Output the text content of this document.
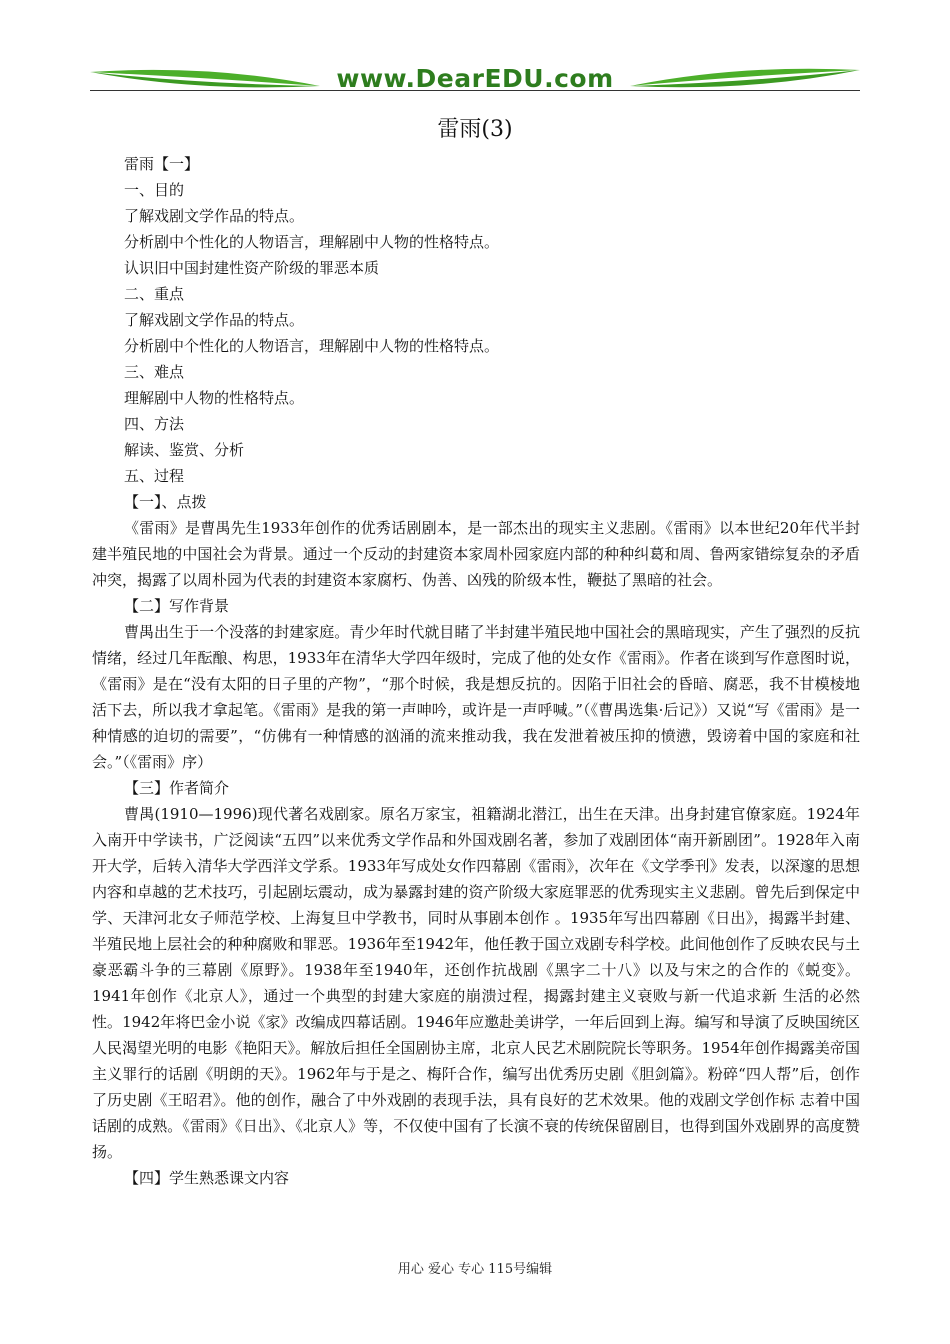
www.DearEDU.com
雷雨(3)

雷雨【一】

一、目的

了解戏剧文学作品的特点。

分析剧中个性化的人物语言，理解剧中人物的性格特点。

认识旧中国封建性资产阶级的罪恶本质

二、重点

了解戏剧文学作品的特点。

分析剧中个性化的人物语言，理解剧中人物的性格特点。

三、难点

理解剧中人物的性格特点。

四、方法

解读、鉴赏、分析

五、过程

【一】、点拨

《雷雨》是曹禺先生1933年创作的优秀话剧剧本，是一部杰出的现实主义悲剧。《雷雨》以本世纪20年代半封建半殖民地的中国社会为背景。通过一个反动的封建资本家周朴园家庭内部的种种纠葛和周、鲁两家错综复杂的矛盾冲突，揭露了以周朴园为代表的封建资本家腐朽、伪善、凶残的阶级本性，鞭挞了黑暗的社会。

【二】写作背景

曹禺出生于一个没落的封建家庭。青少年时代就目睹了半封建半殖民地中国社会的黑暗现实，产生了强烈的反抗情绪，经过几年酝酿、构思，1933年在清华大学四年级时，完成了他的处女作《雷雨》。作者在谈到写作意图时说，《雷雨》是在“没有太阳的日子里的产物”，“那个时候，我是想反抗的。因陷于旧社会的昏暗、腐恶，我不甘模棱地活下去，所以我才拿起笔。《雷雨》是我的第一声呻吟，或许是一声呼喊。”（《曹禺选集·后记》）又说“写《雷雨》是一种情感的迫切的需要”，“仿佛有一种情感的汹涌的流来推动我，我在发泄着被压抑的愤懑，毁谤着中国的家庭和社会。”（《雷雨》序）

【三】作者简介

曹禺(1910—1996)现代著名戏剧家。原名万家宝，祖籍湖北潜江，出生在天津。出身封建官僚家庭。1924年入南开中学读书，广泛阅读“五四”以来优秀文学作品和外国戏剧名著，参加了戏剧团体“南开新剧团”。1928年入南开大学，后转入清华大学西洋文学系。1933年写成处女作四幕剧《雷雨》，次年在《文学季刊》发表，以深邃的思想内容和卓越的艺术技巧，引起剧坛震动，成为暴露封建的资产阶级大家庭罪恶的优秀现实主义悲剧。曾先后到保定中学、天津河北女子师范学校、上海复旦中学教书，同时从事剧本创作 。1935年写出四幕剧《日出》，揭露半封建、半殖民地上层社会的种种腐败和罪恶。1936年至1942年，他任教于国立戏剧专科学校。此间他创作了反映农民与土豪恶霸斗争的三幕剧《原野》。1938年至1940年，还创作抗战剧《黑字二十八》以及与宋之的合作的《蜕变》。1941年创作《北京人》，通过一个典型的封建大家庭的崩溃过程，揭露封建主义衰败与新一代追求新 生活的必然性。1942年将巴金小说《家》改编成四幕话剧。1946年应邀赴美讲学，一年后回到上海。编写和导演了反映国统区人民渴望光明的电影《艳阳天》。解放后担任全国剧协主席，北京人民艺术剧院院长等职务。1954年创作揭露美帝国主义罪行的话剧《明朗的天》。1962年与于是之、梅阡合作，编写出优秀历史剧《胆剑篇》。粉碎“四人帮”后，创作了历史剧《王昭君》。他的创作，融合了中外戏剧的表现手法，具有良好的艺术效果。他的戏剧文学创作标 志着中国话剧的成熟。《雷雨》《日出》、《北京人》等，不仅使中国有了长演不衰的传统保留剧目，也得到国外戏剧界的高度赞扬。

【四】学生熟悉课文内容

用心 爱心 专心 115号编辑
